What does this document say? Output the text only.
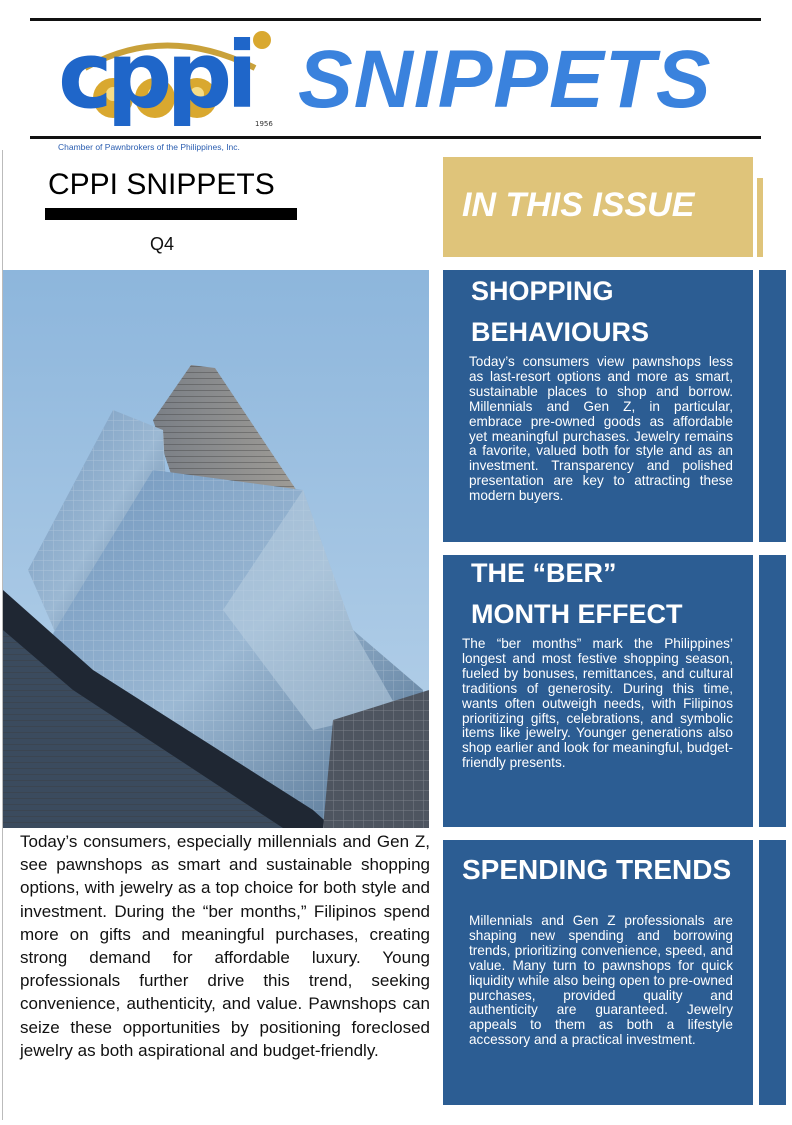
cppi 1956
Chamber of Pawnbrokers of the Philippines, Inc.
SNIPPETS
CPPI SNIPPETS
Q4
Today’s consumers, especially millennials and Gen Z, see pawnshops as smart and sustainable shopping options, with jewelry as a top choice for both style and investment. During the “ber months,” Filipinos spend more on gifts and meaningful purchases, creating strong demand for affordable luxury. Young professionals further drive this trend, seeking convenience, authenticity, and value. Pawnshops can seize these opportunities by positioning foreclosed jewelry as both aspirational and budget-friendly.
IN THIS ISSUE
SHOPPING
BEHAVIOURS

Today’s consumers view pawnshops less as last-resort options and more as smart, sustainable places to shop and borrow. Millennials and Gen Z, in particular, embrace pre-owned goods as affordable yet meaningful purchases. Jewelry remains a favorite, valued both for style and as an investment. Transparency and polished presentation are key to attracting these modern buyers.

THE “BER”
MONTH EFFECT

The “ber months” mark the Philippines’ longest and most festive shopping season, fueled by bonuses, remittances, and cultural traditions of generosity. During this time, wants often outweigh needs, with Filipinos prioritizing gifts, celebrations, and symbolic items like jewelry. Younger generations also shop earlier and look for meaningful, budget-friendly presents.

SPENDING TRENDS

Millennials and Gen Z professionals are shaping new spending and borrowing trends, prioritizing convenience, speed, and value. Many turn to pawnshops for quick liquidity while also being open to pre-owned purchases, provided quality and authenticity are guaranteed. Jewelry appeals to them as both a lifestyle accessory and a practical investment.
